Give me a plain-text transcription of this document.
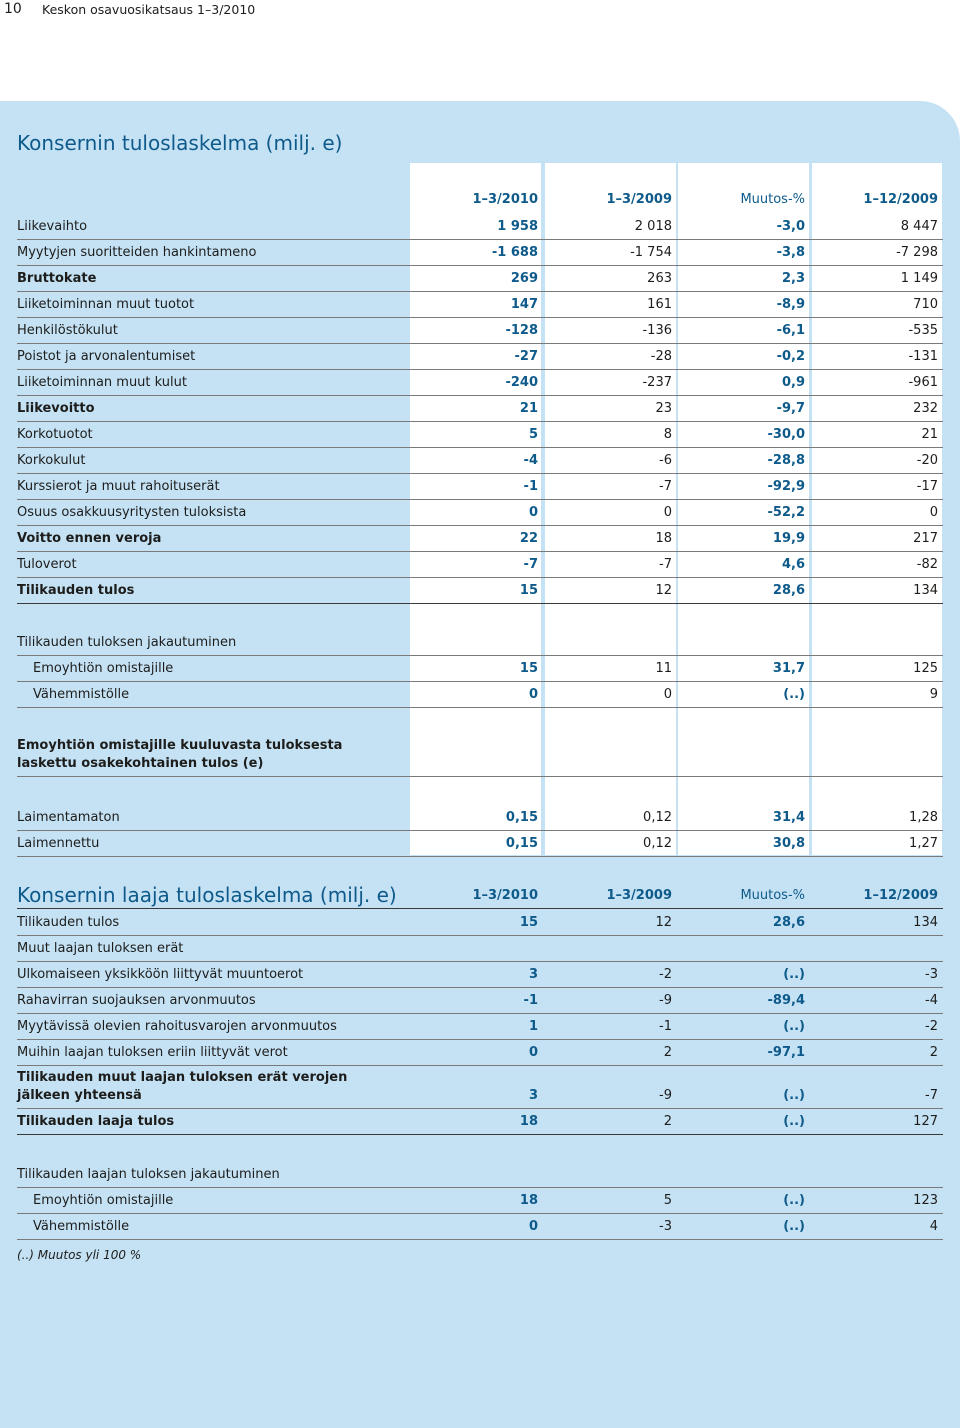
10 Keskon osavuosikatsaus 1–3/2010
Konsernin tuloslaskelma (milj. e)
1–3/2010	1–3/2009	Muutos-%	1–12/2009
Liikevaihto	1 958	2 018	-3,0	8 447
Myytyjen suoritteiden hankintameno	-1 688	-1 754	-3,8	-7 298
Bruttokate	269	263	2,3	1 149
Liiketoiminnan muut tuotot	147	161	-8,9	710
Henkilöstökulut	-128	-136	-6,1	-535
Poistot ja arvonalentumiset	-27	-28	-0,2	-131
Liiketoiminnan muut kulut	-240	-237	0,9	-961
Liikevoitto	21	23	-9,7	232
Korkotuotot	5	8	-30,0	21
Korkokulut	-4	-6	-28,8	-20
Kurssierot ja muut rahoituserät	-1	-7	-92,9	-17
Osuus osakkuusyritysten tuloksista	0	0	-52,2	0
Voitto ennen veroja	22	18	19,9	217
Tuloverot	-7	-7	4,6	-82
Tilikauden tulos	15	12	28,6	134
Tilikauden tuloksen jakautuminen
Emoyhtiön omistajille	15	11	31,7	125
Vähemmistölle	0	0	(..)	9
Emoyhtiön omistajille kuuluvasta tuloksesta laskettu osakekohtainen tulos (e)
Laimentamaton	0,15	0,12	31,4	1,28
Laimennettu	0,15	0,12	30,8	1,27
Konsernin laaja tuloslaskelma (milj. e)	1–3/2010	1–3/2009	Muutos-%	1–12/2009
Tilikauden tulos	15	12	28,6	134
Muut laajan tuloksen erät
Ulkomaiseen yksikköön liittyvät muuntoerot	3	-2	(..)	-3
Rahavirran suojauksen arvonmuutos	-1	-9	-89,4	-4
Myytävissä olevien rahoitusvarojen arvonmuutos	1	-1	(..)	-2
Muihin laajan tuloksen eriin liittyvät verot	0	2	-97,1	2
Tilikauden muut laajan tuloksen erät verojen jälkeen yhteensä	3	-9	(..)	-7
Tilikauden laaja tulos	18	2	(..)	127
Tilikauden laajan tuloksen jakautuminen
Emoyhtiön omistajille	18	5	(..)	123
Vähemmistölle	0	-3	(..)	4
(..) Muutos yli 100 %
